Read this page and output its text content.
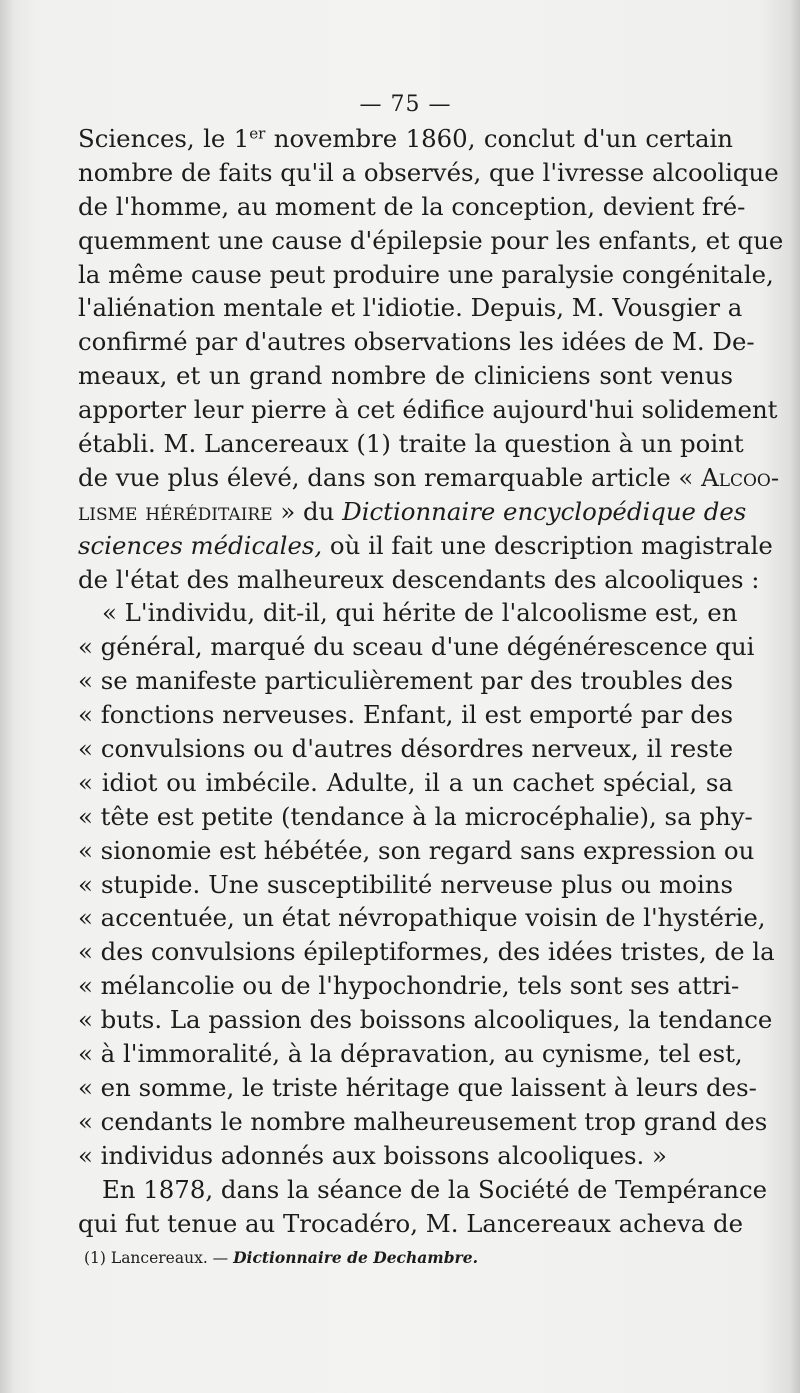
— 75 —
Sciences, le 1er novembre 1860, conclut d'un certain
nombre de faits qu'il a observés, que l'ivresse alcoolique
de l'homme, au moment de la conception, devient fré-
quemment une cause d'épilepsie pour les enfants, et que
la même cause peut produire une paralysie congénitale,
l'aliénation mentale et l'idiotie. Depuis, M. Vousgier a
confirmé par d'autres observations les idées de M. De-
meaux, et un grand nombre de cliniciens sont venus
apporter leur pierre à cet édifice aujourd'hui solidement
établi. M. Lancereaux (1) traite la question à un point
de vue plus élevé, dans son remarquable article « Alcoo-
lisme héréditaire » du Dictionnaire encyclopédique des
sciences médicales, où il fait une description magistrale
de l'état des malheureux descendants des alcooliques :
« L'individu, dit-il, qui hérite de l'alcoolisme est, en
« général, marqué du sceau d'une dégénérescence qui
« se manifeste particulièrement par des troubles des
« fonctions nerveuses. Enfant, il est emporté par des
« convulsions ou d'autres désordres nerveux, il reste
« idiot ou imbécile. Adulte, il a un cachet spécial, sa
« tête est petite (tendance à la microcéphalie), sa phy-
« sionomie est hébétée, son regard sans expression ou
« stupide. Une susceptibilité nerveuse plus ou moins
« accentuée, un état névropathique voisin de l'hystérie,
« des convulsions épileptiformes, des idées tristes, de la
« mélancolie ou de l'hypochondrie, tels sont ses attri-
« buts. La passion des boissons alcooliques, la tendance
« à l'immoralité, à la dépravation, au cynisme, tel est,
« en somme, le triste héritage que laissent à leurs des-
« cendants le nombre malheureusement trop grand des
« individus adonnés aux boissons alcooliques. »
En 1878, dans la séance de la Société de Tempérance
qui fut tenue au Trocadéro, M. Lancereaux acheva de
(1) Lancereaux. — Dictionnaire de Dechambre.
